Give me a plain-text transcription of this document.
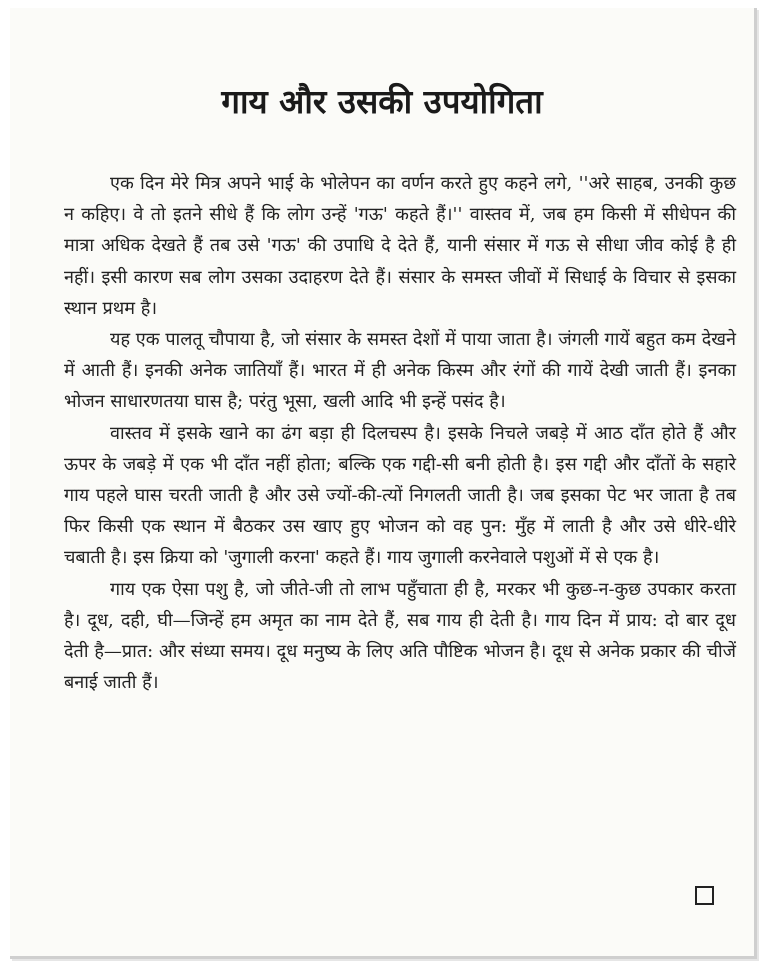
गाय और उसकी उपयोगिता

एक दिन मेरे मित्र अपने भाई के भोलेपन का वर्णन करते हुए कहने लगे, ''अरे साहब, उनकी कुछ न कहिए। वे तो इतने सीधे हैं कि लोग उन्हें 'गऊ' कहते हैं।'' वास्तव में, जब हम किसी में सीधेपन की मात्रा अधिक देखते हैं तब उसे 'गऊ' की उपाधि दे देते हैं, यानी संसार में गऊ से सीधा जीव कोई है ही नहीं। इसी कारण सब लोग उसका उदाहरण देते हैं। संसार के समस्त जीवों में सिधाई के विचार से इसका स्थान प्रथम है।

यह एक पालतू चौपाया है, जो संसार के समस्त देशों में पाया जाता है। जंगली गायें बहुत कम देखने में आती हैं। इनकी अनेक जातियाँ हैं। भारत में ही अनेक किस्म और रंगों की गायें देखी जाती हैं। इनका भोजन साधारणतया घास है; परंतु भूसा, खली आदि भी इन्हें पसंद है।

वास्तव में इसके खाने का ढंग बड़ा ही दिलचस्प है। इसके निचले जबड़े में आठ दाँत होते हैं और ऊपर के जबड़े में एक भी दाँत नहीं होता; बल्कि एक गद्दी-सी बनी होती है। इस गद्दी और दाँतों के सहारे गाय पहले घास चरती जाती है और उसे ज्यों-की-त्यों निगलती जाती है। जब इसका पेट भर जाता है तब फिर किसी एक स्थान में बैठकर उस खाए हुए भोजन को वह पुन: मुँह में लाती है और उसे धीरे-धीरे चबाती है। इस क्रिया को 'जुगाली करना' कहते हैं। गाय जुगाली करनेवाले पशुओं में से एक है।

गाय एक ऐसा पशु है, जो जीते-जी तो लाभ पहुँचाता ही है, मरकर भी कुछ-न-कुछ उपकार करता है। दूध, दही, घी—जिन्हें हम अमृत का नाम देते हैं, सब गाय ही देती है। गाय दिन में प्राय: दो बार दूध देती है—प्रात: और संध्या समय। दूध मनुष्य के लिए अति पौष्टिक भोजन है। दूध से अनेक प्रकार की चीजें बनाई जाती हैं।
